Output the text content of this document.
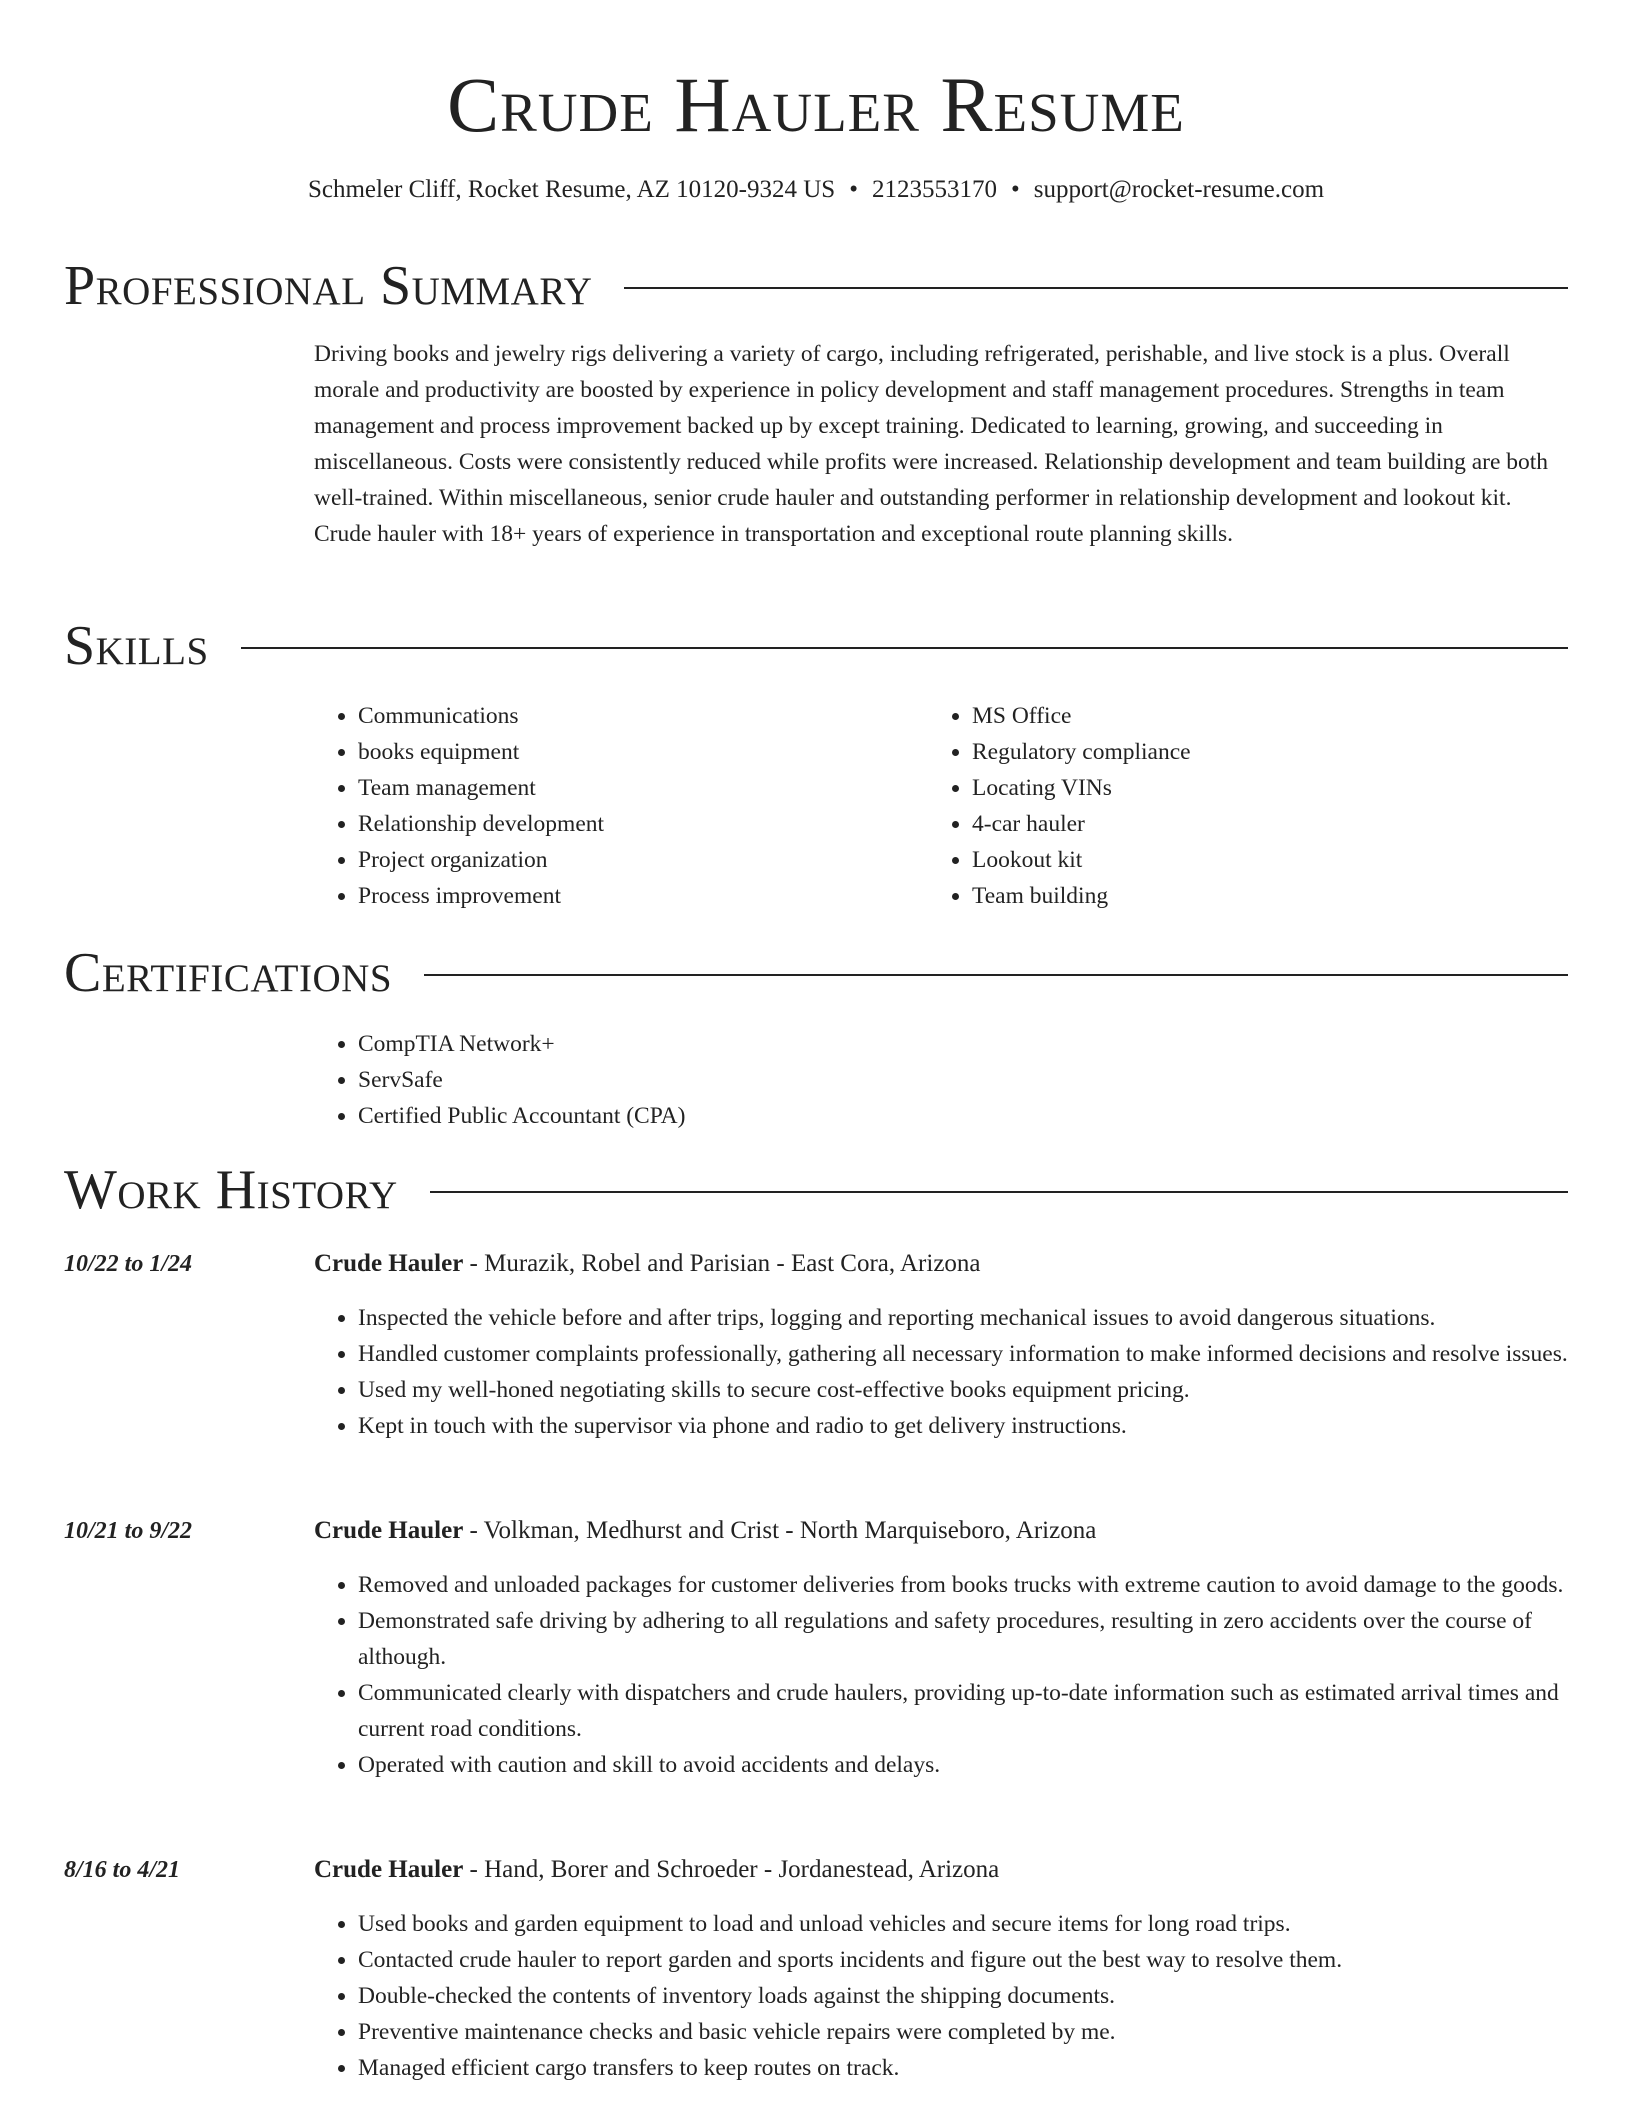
Crude Hauler Resume
Schmeler Cliff, Rocket Resume, AZ 10120-9324 US • 2123553170 • support@rocket-resume.com
Professional Summary

Driving books and jewelry rigs delivering a variety of cargo, including refrigerated, perishable, and live stock is a plus. Overall morale and productivity are boosted by experience in policy development and staff management procedures. Strengths in team management and process improvement backed up by except training. Dedicated to learning, growing, and succeeding in miscellaneous. Costs were consistently reduced while profits were increased. Relationship development and team building are both well-trained. Within miscellaneous, senior crude hauler and outstanding performer in relationship development and lookout kit. Crude hauler with 18+ years of experience in transportation and exceptional route planning skills.

Skills
• Communications
• books equipment
• Team management
• Relationship development
• Project organization
• Process improvement
• MS Office
• Regulatory compliance
• Locating VINs
• 4-car hauler
• Lookout kit
• Team building
Certifications
• CompTIA Network+
• ServSafe
• Certified Public Accountant (CPA)
Work History
10/22 to 1/24	Crude Hauler - Murazik, Robel and Parisian - East Cora, Arizona
• Inspected the vehicle before and after trips, logging and reporting mechanical issues to avoid dangerous situations.
• Handled customer complaints professionally, gathering all necessary information to make informed decisions and resolve issues.
• Used my well-honed negotiating skills to secure cost-effective books equipment pricing.
• Kept in touch with the supervisor via phone and radio to get delivery instructions.
10/21 to 9/22	Crude Hauler - Volkman, Medhurst and Crist - North Marquiseboro, Arizona
• Removed and unloaded packages for customer deliveries from books trucks with extreme caution to avoid damage to the goods.
• Demonstrated safe driving by adhering to all regulations and safety procedures, resulting in zero accidents over the course of although.
• Communicated clearly with dispatchers and crude haulers, providing up-to-date information such as estimated arrival times and current road conditions.
• Operated with caution and skill to avoid accidents and delays.
8/16 to 4/21	Crude Hauler - Hand, Borer and Schroeder - Jordanestead, Arizona
• Used books and garden equipment to load and unload vehicles and secure items for long road trips.
• Contacted crude hauler to report garden and sports incidents and figure out the best way to resolve them.
• Double-checked the contents of inventory loads against the shipping documents.
• Preventive maintenance checks and basic vehicle repairs were completed by me.
• Managed efficient cargo transfers to keep routes on track.
